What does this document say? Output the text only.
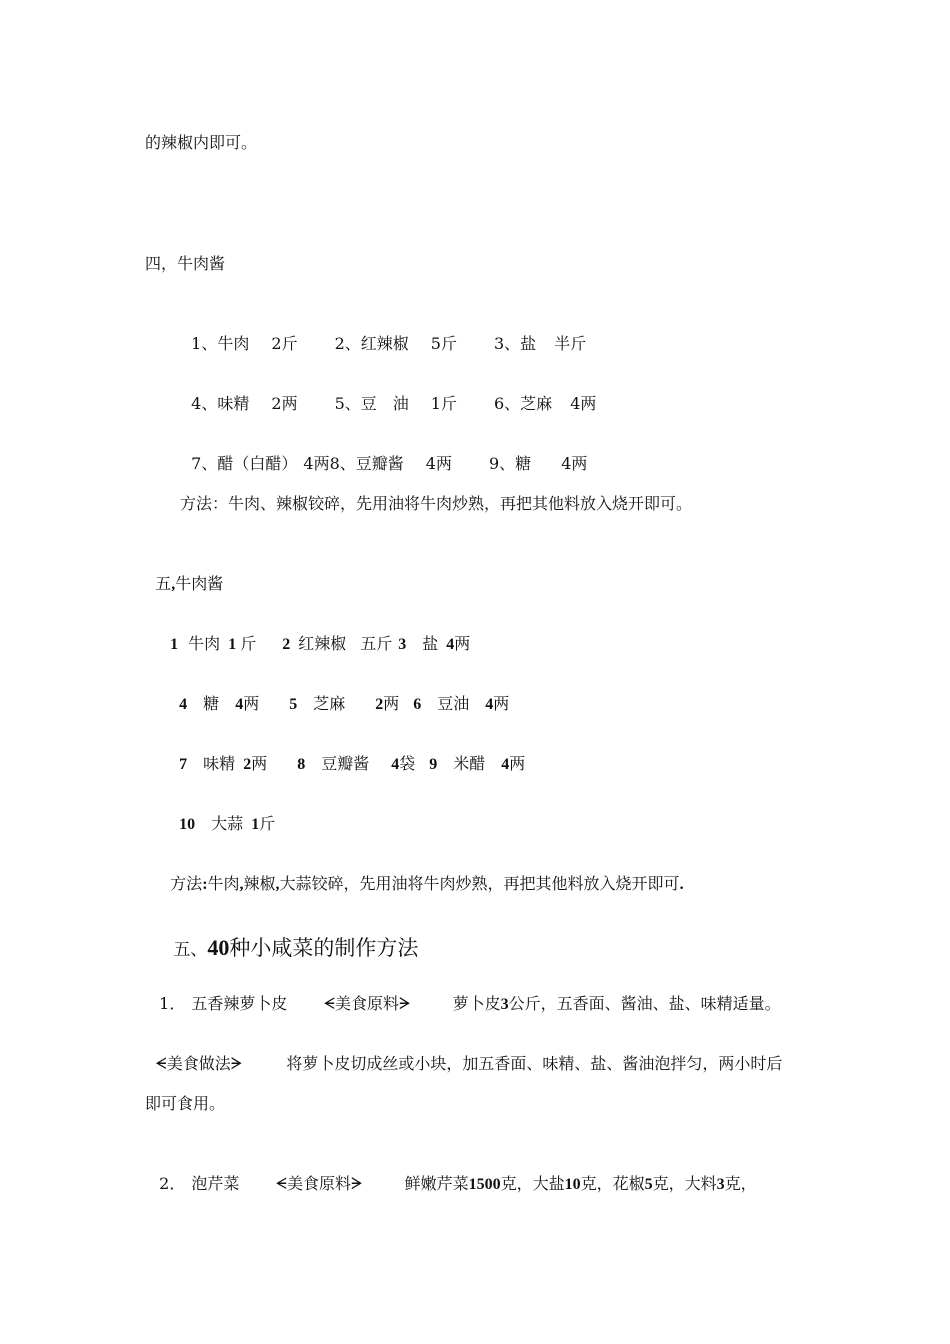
的辣椒内即可。
四，牛肉酱

1、牛肉 2斤 2、红辣椒 5斤 3、盐 半斤

4、味精 2两 5、豆　油 1斤 6、芝麻 4两

7、醋（白醋） 4两8、豆瓣酱 4两 9、糖 4两

方法：牛肉、辣椒铰碎，先用油将牛肉炒熟，再把其他料放入烧开即可。

五,牛肉酱

1 牛肉 1 斤 2 红辣椒 五斤 3 盐 4两

4 糖 4两 5 芝麻 2两 6 豆油 4两

7 味精 2两 8 豆瓣酱 4袋 9 米醋 4两

10 大蒜 1斤

方法:牛肉,辣椒,大蒜铰碎，先用油将牛肉炒熟，再把其他料放入烧开即可.

五、40种小咸菜的制作方法

1． 五香辣萝卜皮 ᗕ美食原料ᗒ	萝卜皮3公斤，五香面、酱油、盐、味精适量。

ᗕ美食做法ᗒ	将萝卜皮切成丝或小块，加五香面、味精、盐、酱油泡拌匀，两小时后

即可食用。

2． 泡芹菜 ᗕ美食原料ᗒ	鲜嫩芹菜1500克，大盐10克，花椒5克，大料3克，
